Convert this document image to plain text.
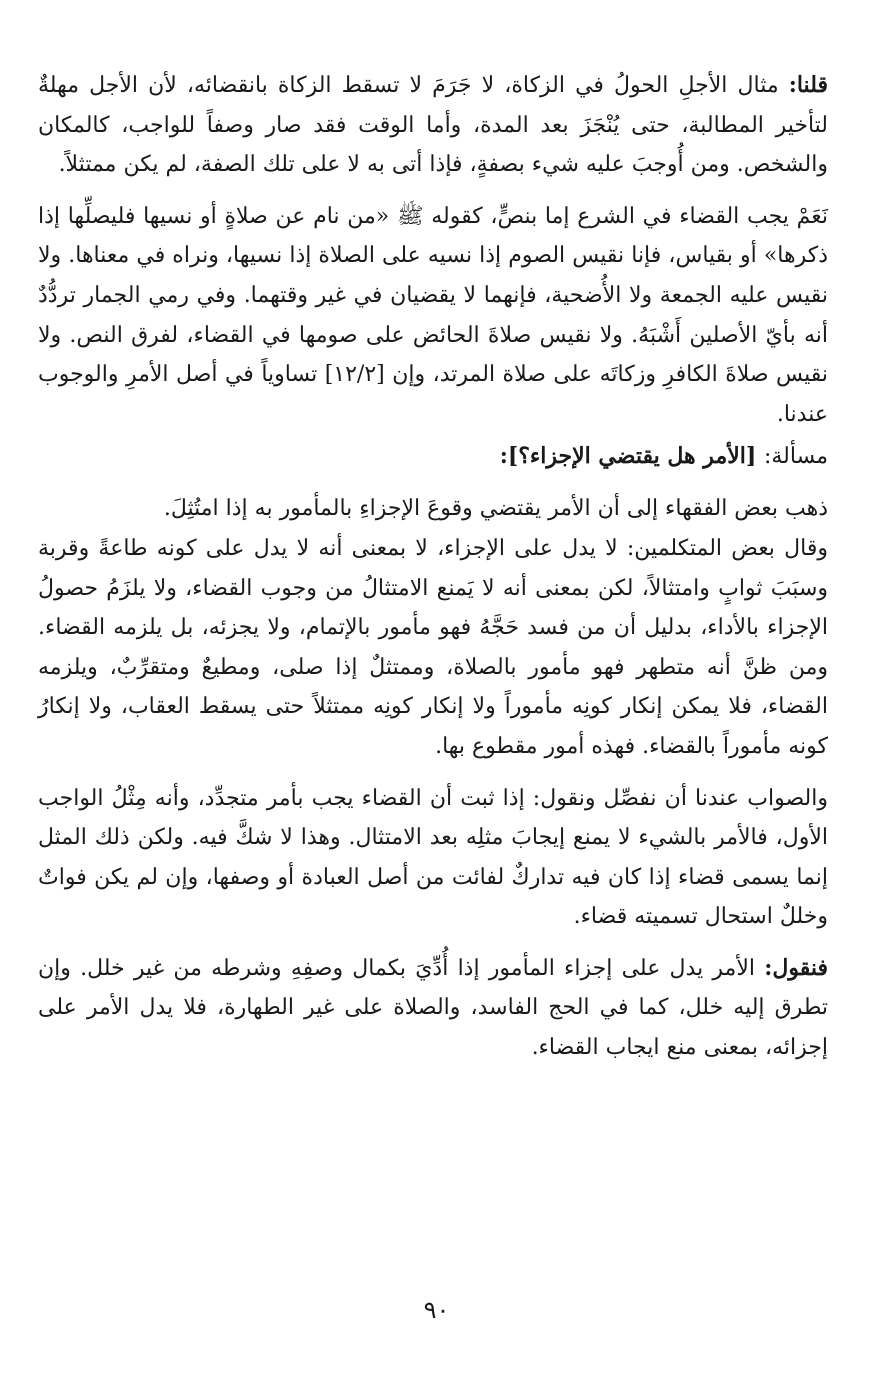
قلنا: مثال الأجلِ الحولُ في الزكاة، لا جَرَمَ لا تسقط الزكاة بانقضائه، لأن الأجل مهلةٌ لتأخير المطالبة، حتى يُنْجَزَ بعد المدة، وأما الوقت فقد صار وصفاً للواجب، كالمكان والشخص. ومن أُوجبَ عليه شيء بصفةٍ، فإذا أتى به لا على تلك الصفة، لم يكن ممتثلاً.

نَعَمْ يجب القضاء في الشرع إما بنصٍّ، كقوله ﷺ «من نام عن صلاةٍ أو نسيها فليصلِّها إذا ذكرها» أو بقياس، فإنا نقيس الصوم إذا نسيه على الصلاة إذا نسيها، ونراه في معناها. ولا نقيس عليه الجمعة ولا الأُضحية، فإنهما لا يقضيان في غير وقتهما. وفي رمي الجمار تردُّدٌ أنه بأيّ الأصلين أَشْبَهُ. ولا نقيس صلاةَ الحائض على صومها في القضاء، لفرق النص. ولا نقيس صلاةَ الكافرِ وزكاتَه على صلاة المرتد، وإن [١٢/٢] تساوياً في أصل الأمرِ والوجوب عندنا.

مسألة: [الأمر هل يقتضي الإجزاء؟]:

ذهب بعض الفقهاء إلى أن الأمر يقتضي وقوعَ الإجزاءِ بالمأمور به إذا امتُثِلَ.

وقال بعض المتكلمين: لا يدل على الإجزاء، لا بمعنى أنه لا يدل على كونه طاعةً وقربة وسبَبَ ثوابٍ وامتثالاً، لكن بمعنى أنه لا يَمنع الامتثالُ من وجوب القضاء، ولا يلزَمُ حصولُ الإجزاء بالأداء، بدليل أن من فسد حَجَّهُ فهو مأمور بالإتمام، ولا يجزئه، بل يلزمه القضاء. ومن ظنَّ أنه متطهر فهو مأمور بالصلاة، وممتثلٌ إذا صلى، ومطيعٌ ومتقرِّبٌ، ويلزمه القضاء، فلا يمكن إنكار كونِه مأموراً ولا إنكار كونِه ممتثلاً حتى يسقط العقاب، ولا إنكارُ كونه مأموراً بالقضاء. فهذه أمور مقطوع بها.

والصواب عندنا أن نفصِّل ونقول: إذا ثبت أن القضاء يجب بأمر متجدِّد، وأنه مِثْلُ الواجب الأول، فالأمر بالشيء لا يمنع إيجابَ مثلِه بعد الامتثال. وهذا لا شكَّ فيه. ولكن ذلك المثل إنما يسمى قضاء إذا كان فيه تداركٌ لفائت من أصل العبادة أو وصفها، وإن لم يكن فواتٌ وخللٌ استحال تسميته قضاء.

فنقول: الأمر يدل على إجزاء المأمور إذا أُدِّيَ بكمال وصفِهِ وشرطه من غير خلل. وإن تطرق إليه خلل، كما في الحج الفاسد، والصلاة على غير الطهارة، فلا يدل الأمر على إجزائه، بمعنى منع ايجاب القضاء.

٩٠
